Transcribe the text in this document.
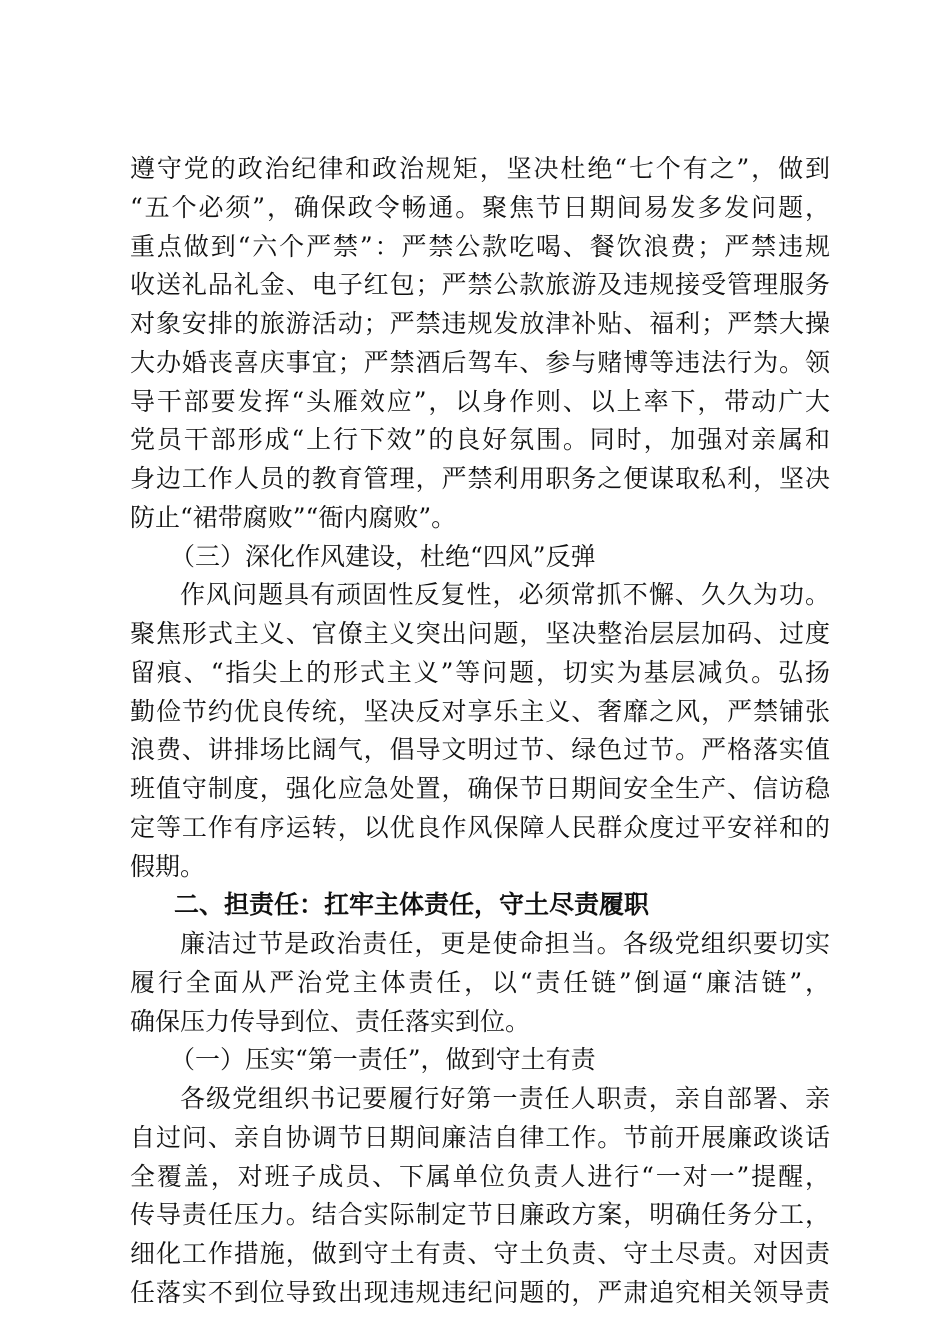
遵守党的政治纪律和政治规矩，坚决杜绝“七个有之”，做到
“五个必须”，确保政令畅通。聚焦节日期间易发多发问题，
重点做到“六个严禁”：严禁公款吃喝、餐饮浪费；严禁违规
收送礼品礼金、电子红包；严禁公款旅游及违规接受管理服务
对象安排的旅游活动；严禁违规发放津补贴、福利；严禁大操
大办婚丧喜庆事宜；严禁酒后驾车、参与赌博等违法行为。领
导干部要发挥“头雁效应”，以身作则、以上率下，带动广大
党员干部形成“上行下效”的良好氛围。同时，加强对亲属和
身边工作人员的教育管理，严禁利用职务之便谋取私利，坚决
防止“裙带腐败”“衙内腐败”。
（三）深化作风建设，杜绝“四风”反弹
作风问题具有顽固性反复性，必须常抓不懈、久久为功。
聚焦形式主义、官僚主义突出问题，坚决整治层层加码、过度
留痕、“指尖上的形式主义”等问题，切实为基层减负。弘扬
勤俭节约优良传统，坚决反对享乐主义、奢靡之风，严禁铺张
浪费、讲排场比阔气，倡导文明过节、绿色过节。严格落实值
班值守制度，强化应急处置，确保节日期间安全生产、信访稳
定等工作有序运转，以优良作风保障人民群众度过平安祥和的
假期。
二、担责任：扛牢主体责任，守土尽责履职
廉洁过节是政治责任，更是使命担当。各级党组织要切实
履行全面从严治党主体责任，以“责任链”倒逼“廉洁链”，
确保压力传导到位、责任落实到位。
（一）压实“第一责任”，做到守土有责
各级党组织书记要履行好第一责任人职责，亲自部署、亲
自过问、亲自协调节日期间廉洁自律工作。节前开展廉政谈话
全覆盖，对班子成员、下属单位负责人进行“一对一”提醒，
传导责任压力。结合实际制定节日廉政方案，明确任务分工，
细化工作措施，做到守土有责、守土负责、守土尽责。对因责
任落实不到位导致出现违规违纪问题的，严肃追究相关领导责
